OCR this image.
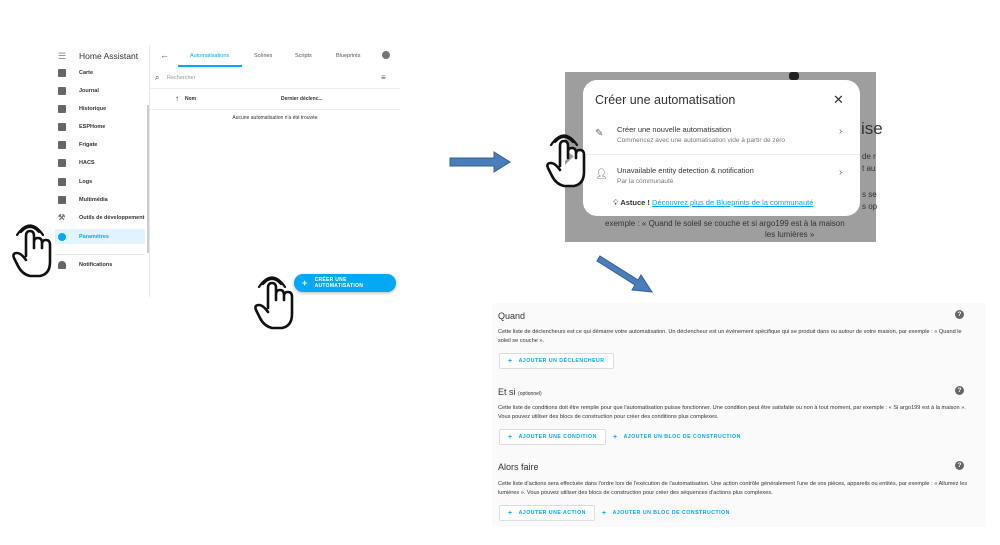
☰ Home Assistant
Carte
Journal
Historique
ESPHome
Frigate
HACS
Logs
Multimédia
⚒	Outils de développement
Paramètres
Notifications
←	Automatisations	Scènes	Scripts	Blueprints
⌕ Rechercher	≡
↑ Nom	Dernier déclenc...
Aucune automatisation n'a été trouvée
+ CRÉER UNE AUTOMATISATION
ise
de r
t au
s se
s op
exemple : « Quand le soleil se couche et si argo199 est à la maison
les lumières »
Créer une automatisation	✕
✎ Créer une nouvelle automatisation
Commencez avec une automatisation vide à partir de zéro
›
👤︎ Unavailable entity detection & notification
Par la communauté
›
💡︎ Astuce ! Découvrez plus de Blueprints de la communauté
Quand	?
Cette liste de déclencheurs est ce qui démarre votre automatisation. Un déclencheur est un événement spécifique qui se produit dans ou autour de votre maison, par exemple : « Quand le soleil se couche ».
+ AJOUTER UN DÉCLENCHEUR
Et si (optionnel)	?
Cette liste de conditions doit être remplie pour que l'automatisation puisse fonctionner. Une condition peut être satisfaite ou non à tout moment, par exemple : « Si argo199 est à la maison ». Vous pouvez utiliser des blocs de construction pour créer des conditions plus complexes.
+ AJOUTER UNE CONDITION + AJOUTER UN BLOC DE CONSTRUCTION
Alors faire	?
Cette liste d'actions sera effectuée dans l'ordre lors de l'exécution de l'automatisation. Une action contrôle généralement l'une de vos pièces, appareils ou entités, par exemple : « Allumez les lumières ». Vous pouvez utiliser des blocs de construction pour créer des séquences d'actions plus complexes.
+ AJOUTER UNE ACTION + AJOUTER UN BLOC DE CONSTRUCTION
